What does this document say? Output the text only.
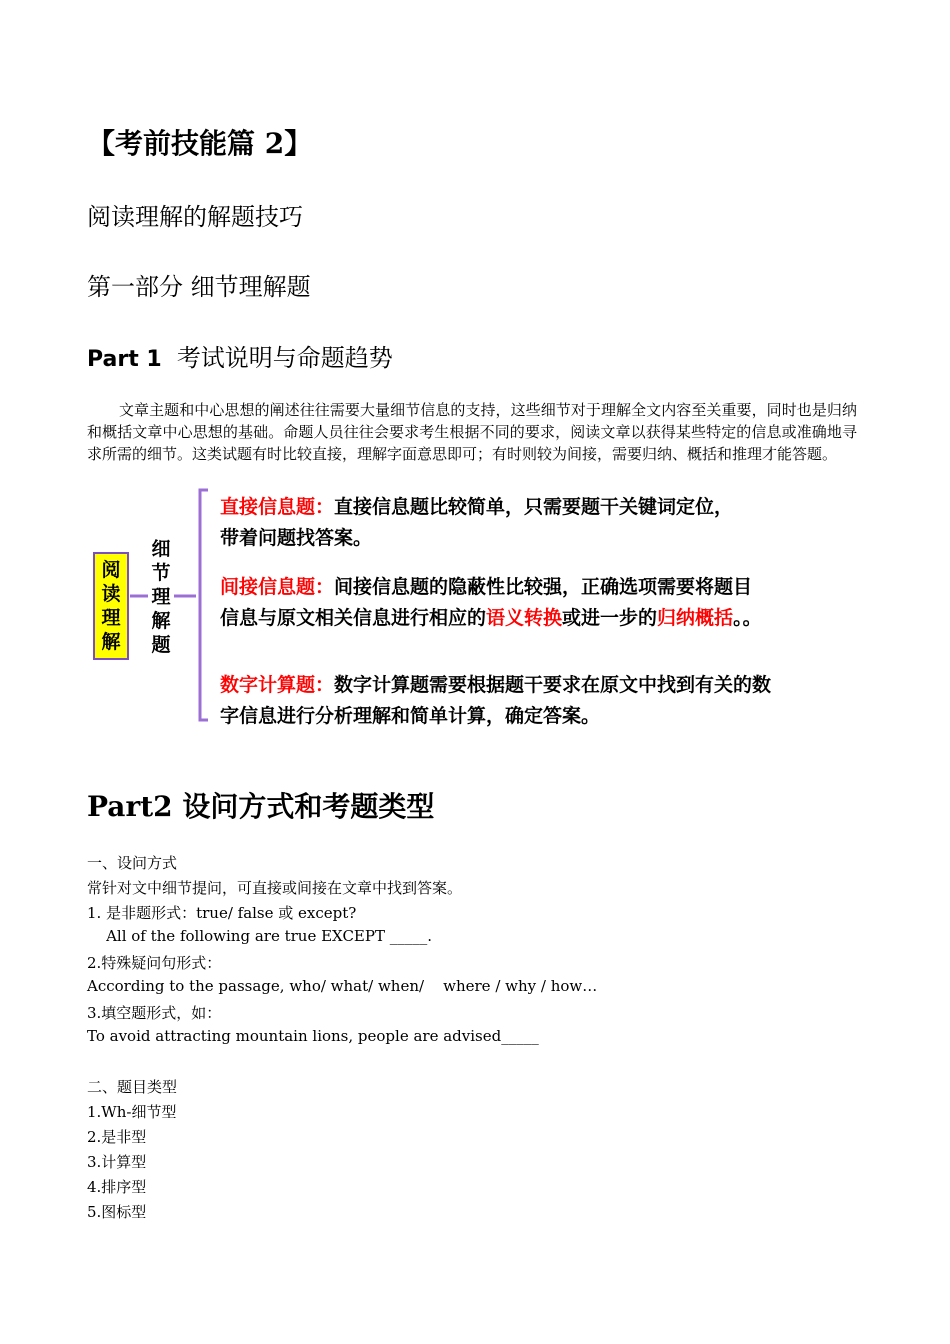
【考前技能篇 2】
阅读理解的解题技巧
第一部分 细节理解题
Part 1 考试说明与命题趋势
文章主题和中心思想的阐述往往需要大量细节信息的支持，这些细节对于理解全文内容至关重要，同时也是归纳和概括文章中心思想的基础。命题人员往往会要求考生根据不同的要求，阅读文章以获得某些特定的信息或准确地寻求所需的细节。这类试题有时比较直接，理解字面意思即可；有时则较为间接，需要归纳、概括和推理才能答题。
阅
读
理
解
细
节
理
解
题
直接信息题：直接信息题比较简单，只需要题干关键词定位，带着问题找答案。
间接信息题：间接信息题的隐蔽性比较强，正确选项需要将题目信息与原文相关信息进行相应的语义转换或进一步的归纳概括。。
数字计算题：数字计算题需要根据题干要求在原文中找到有关的数字信息进行分析理解和简单计算，确定答案。
Part2 设问方式和考题类型
一、设问方式
常针对文中细节提问，可直接或间接在文章中找到答案。
1. 是非题形式：true/ false 或 except?
All of the following are true EXCEPT _____.
2.特殊疑问句形式：
According to the passage, who/ what/ when/    where / why / how…
3.填空题形式，如：
To avoid attracting mountain lions, people are advised_____
二、题目类型
1.Wh-细节型
2.是非型
3.计算型
4.排序型
5.图标型
